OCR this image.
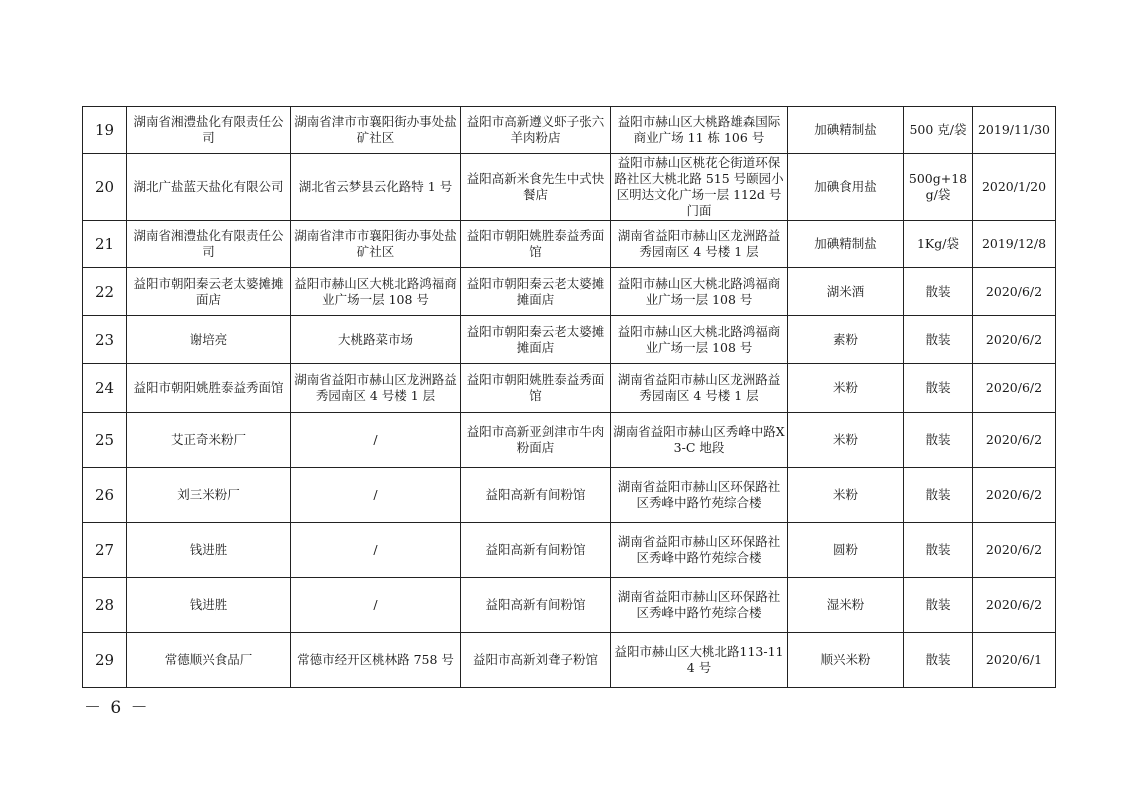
19	湖南省湘澧盐化有限责任公司	湖南省津市市襄阳街办事处盐矿社区	益阳市高新遵义虾子张六羊肉粉店	益阳市赫山区大桃路雄森国际商业广场 11 栋 106 号	加碘精制盐	500 克/袋	2019/11/30
20	湖北广盐蓝天盐化有限公司	湖北省云梦县云化路特 1 号	益阳高新米食先生中式快餐店	益阳市赫山区桃花仑街道环保路社区大桃北路 515 号颐园小区明达文化广场一层 112d 号门面	加碘食用盐	500g+18g/袋	2020/1/20
21	湖南省湘澧盐化有限责任公司	湖南省津市市襄阳街办事处盐矿社区	益阳市朝阳姚胜泰益秀面馆	湖南省益阳市赫山区龙洲路益秀园南区 4 号楼 1 层	加碘精制盐	1Kg/袋	2019/12/8
22	益阳市朝阳秦云老太婆摊摊面店	益阳市赫山区大桃北路鸿福商业广场一层 108 号	益阳市朝阳秦云老太婆摊摊面店	益阳市赫山区大桃北路鸿福商业广场一层 108 号	湖米酒	散装	2020/6/2
23	谢培亮	大桃路菜市场	益阳市朝阳秦云老太婆摊摊面店	益阳市赫山区大桃北路鸿福商业广场一层 108 号	素粉	散装	2020/6/2
24	益阳市朝阳姚胜泰益秀面馆	湖南省益阳市赫山区龙洲路益秀园南区 4 号楼 1 层	益阳市朝阳姚胜泰益秀面馆	湖南省益阳市赫山区龙洲路益秀园南区 4 号楼 1 层	米粉	散装	2020/6/2
25	艾正奇米粉厂	/	益阳市高新亚剑津市牛肉粉面店	湖南省益阳市赫山区秀峰中路X3-C 地段	米粉	散装	2020/6/2
26	刘三米粉厂	/	益阳高新有间粉馆	湖南省益阳市赫山区环保路社区秀峰中路竹苑综合楼	米粉	散装	2020/6/2
27	钱进胜	/	益阳高新有间粉馆	湖南省益阳市赫山区环保路社区秀峰中路竹苑综合楼	圆粉	散装	2020/6/2
28	钱进胜	/	益阳高新有间粉馆	湖南省益阳市赫山区环保路社区秀峰中路竹苑综合楼	湿米粉	散装	2020/6/2
29	常德顺兴食品厂	常德市经开区桃林路 758 号	益阳市高新刘聋子粉馆	益阳市赫山区大桃北路113-114 号	顺兴米粉	散装	2020/6/1
－ 6 －
